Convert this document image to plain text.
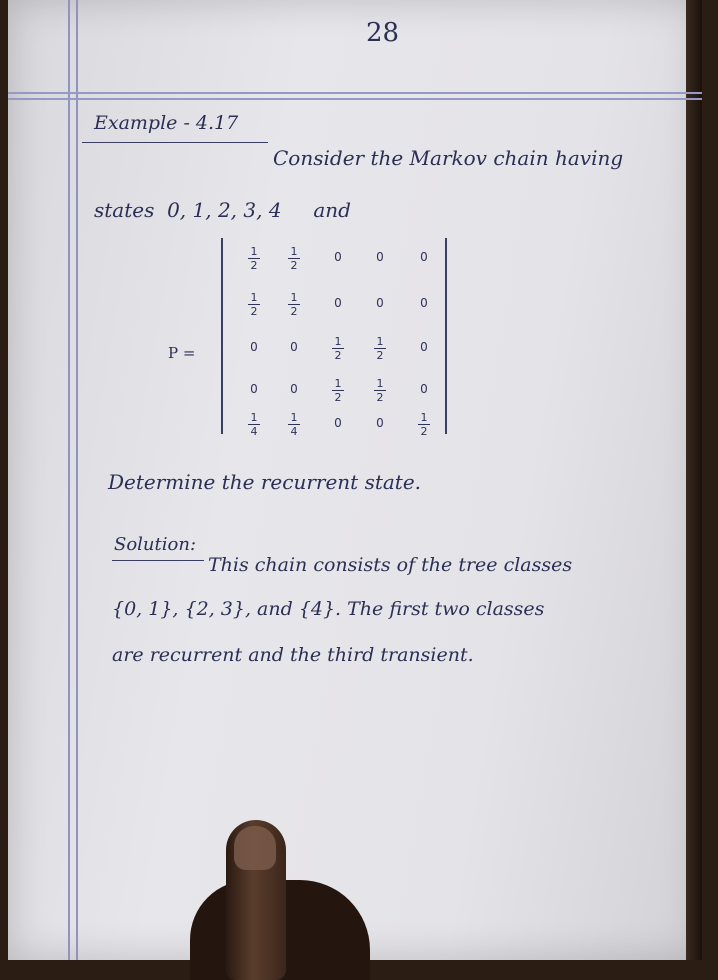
28
Example - 4.17
Consider the Markov chain having
states  0, 1, 2, 3, 4     and
P =
$\frac{1}{2}$	$\frac{1}{2}$	0	0	0
$\frac{1}{2}$	$\frac{1}{2}$	0	0	0
0	0	$\frac{1}{2}$	$\frac{1}{2}$	0
0	0	$\frac{1}{2}$	$\frac{1}{2}$	0
$\frac{1}{4}$	$\frac{1}{4}$	0	0	$\frac{1}{2}$
Determine the recurrent state.
Solution:
This chain consists of the tree classes
{0, 1}, {2, 3}, and {4}. The first two classes
are recurrent and the third transient.
